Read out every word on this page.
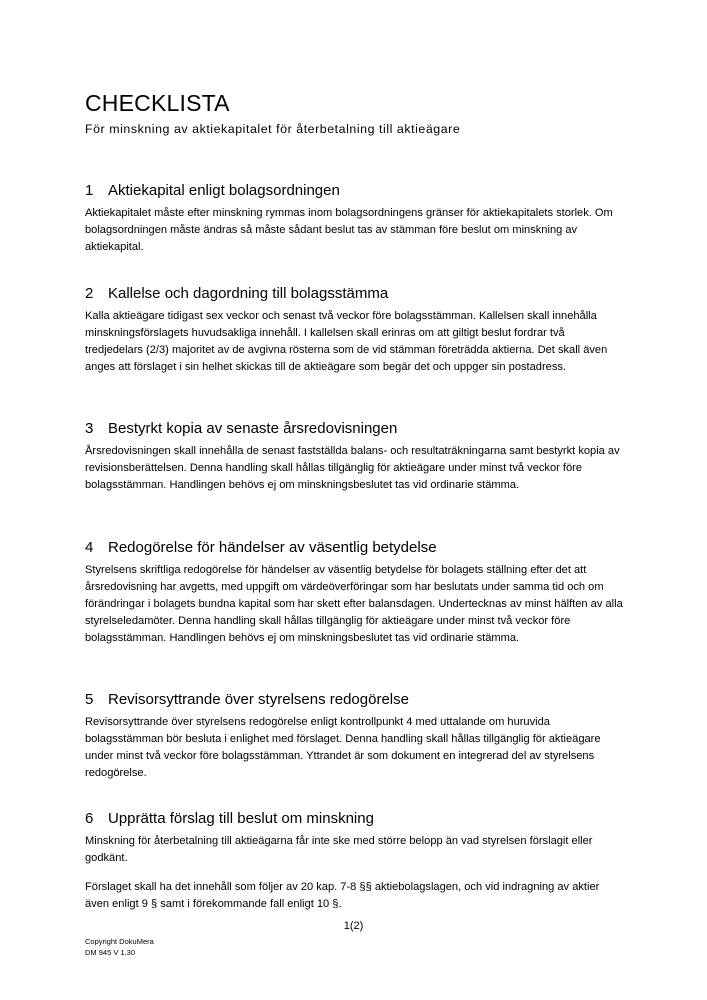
CHECKLISTA
För minskning av aktiekapitalet för återbetalning till aktieägare
1 Aktiekapital enligt bolagsordningen

Aktiekapitalet måste efter minskning rymmas inom bolagsordningens gränser för aktiekapitalets storlek. Om bolagsordningen måste ändras så måste sådant beslut tas av stämman före beslut om minskning av aktiekapital.

2 Kallelse och dagordning till bolagsstämma

Kalla aktieägare tidigast sex veckor och senast två veckor före bolagsstämman. Kallelsen skall innehålla minskningsförslagets huvudsakliga innehåll. I kallelsen skall erinras om att giltigt beslut fordrar två tredjedelars (2/3) majoritet av de avgivna rösterna som de vid stämman företrädda aktierna. Det skall även anges att förslaget i sin helhet skickas till de aktieägare som begär det och uppger sin postadress.

3 Bestyrkt kopia av senaste årsredovisningen

Årsredovisningen skall innehålla de senast fastställda balans- och resultaträkningarna samt bestyrkt kopia av revisionsberättelsen. Denna handling skall hållas tillgänglig för aktieägare under minst två veckor före bolagsstämman. Handlingen behövs ej om minskningsbeslutet tas vid ordinarie stämma.

4 Redogörelse för händelser av väsentlig betydelse

Styrelsens skriftliga redogörelse för händelser av väsentlig betydelse för bolagets ställning efter det att årsredovisning har avgetts, med uppgift om värdeöverföringar som har beslutats under samma tid och om förändringar i bolagets bundna kapital som har skett efter balansdagen. Undertecknas av minst hälften av alla styrelseledamöter. Denna handling skall hållas tillgänglig för aktieägare under minst två veckor före bolagsstämman. Handlingen behövs ej om minskningsbeslutet tas vid ordinarie stämma.

5 Revisorsyttrande över styrelsens redogörelse

Revisorsyttrande över styrelsens redogörelse enligt kontrollpunkt 4 med uttalande om huruvida bolagsstämman bör besluta i enlighet med förslaget. Denna handling skall hållas tillgänglig för aktieägare under minst två veckor före bolagsstämman. Yttrandet är som dokument en integrerad del av styrelsens redogörelse.

6 Upprätta förslag till beslut om minskning

Minskning för återbetalning till aktieägarna får inte ske med större belopp än vad styrelsen förslagit eller godkänt.

Förslaget skall ha det innehåll som följer av 20 kap. 7-8 §§ aktiebolagslagen, och vid indragning av aktier även enligt 9 § samt i förekommande fall enligt 10 §.

1(2)
Copyright DokuMera
DM 945 V 1.30
